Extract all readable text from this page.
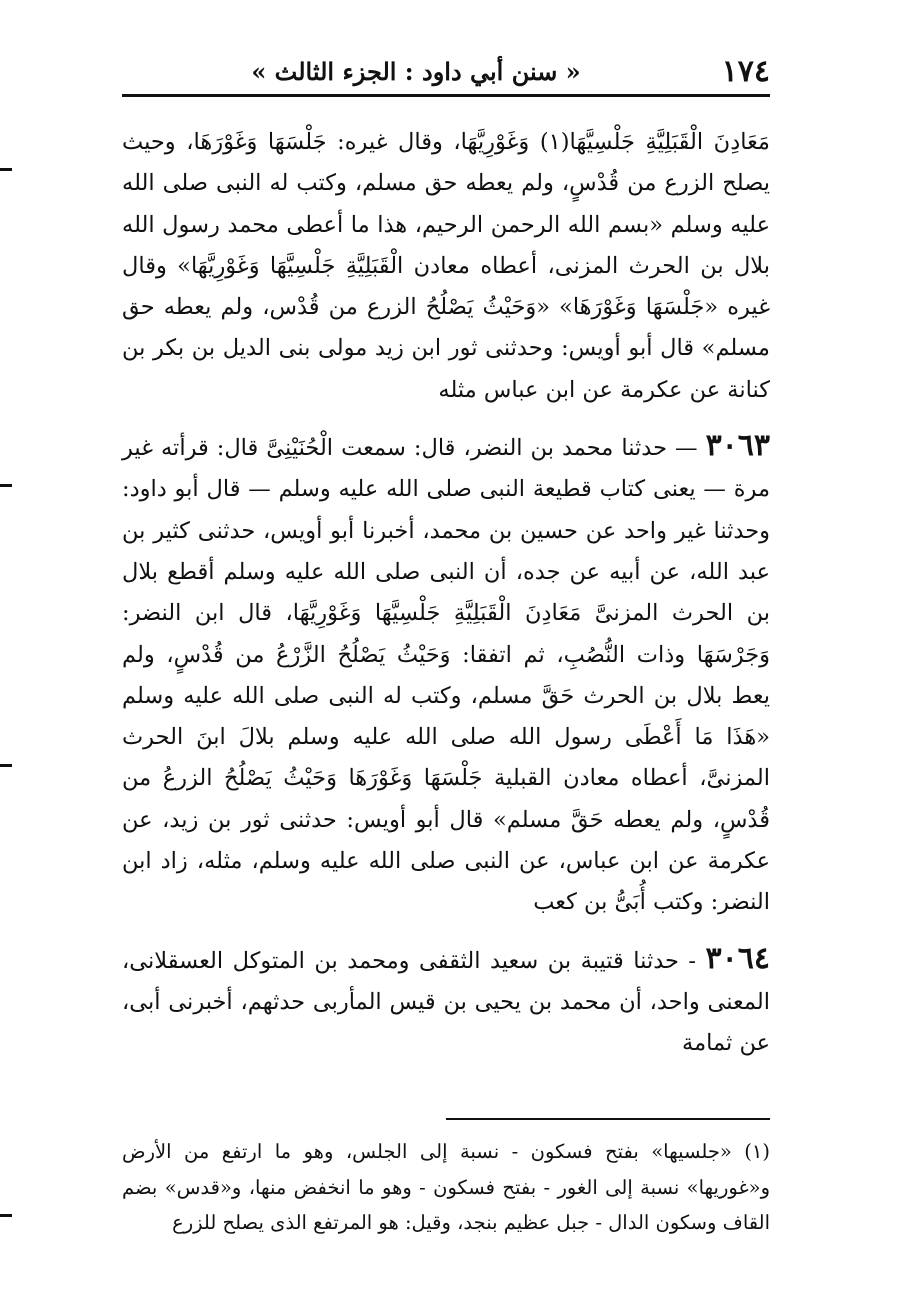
١٧٤
« سنن أبي داود : الجزء الثالث »

مَعَادِنَ الْقَبَلِيَّةِ جَلْسِيَّهَا(١) وَغَوْرِيَّهَا، وقال غيره: جَلْسَهَا وَغَوْرَهَا، وحيث يصلح الزرع من قُدْسٍ، ولم يعطه حق مسلم، وكتب له النبى صلى الله عليه وسلم «بسم الله الرحمن الرحيم، هذا ما أعطى محمد رسول الله بلال بن الحرث المزنى، أعطاه معادن الْقَبَلِيَّةِ جَلْسِيَّهَا وَغَوْرِيَّهَا» وقال غيره «جَلْسَهَا وَغَوْرَهَا» «وَحَيْثُ يَصْلُحُ الزرع من قُدْس، ولم يعطه حق مسلم» قال أبو أويس: وحدثنى ثور ابن زيد مولى بنى الديل بن بكر بن كنانة عن عكرمة عن ابن عباس مثله

٣٠٦٣ — حدثنا محمد بن النضر، قال: سمعت الْحُنَيْنِىَّ قال: قرأته غير مرة — يعنى كتاب قطيعة النبى صلى الله عليه وسلم — قال أبو داود: وحدثنا غير واحد عن حسين بن محمد، أخبرنا أبو أويس، حدثنى كثير بن عبد الله، عن أبيه عن جده، أن النبى صلى الله عليه وسلم أقطع بلال بن الحرث المزنىَّ مَعَادِنَ الْقَبَلِيَّةِ جَلْسِيَّهَا وَغَوْرِيَّهَا، قال ابن النضر: وَجَرْسَهَا وذات النُّصُبِ، ثم اتفقا: وَحَيْثُ يَصْلُحُ الزَّرْعُ من قُدْسٍ، ولم يعط بلال بن الحرث حَقَّ مسلم، وكتب له النبى صلى الله عليه وسلم «هَذَا مَا أَعْطَى رسول الله صلى الله عليه وسلم بلالَ ابنَ الحرث المزنىَّ، أعطاه معادن القبلية جَلْسَهَا وَغَوْرَهَا وَحَيْثُ يَصْلُحُ الزرعُ من قُدْسٍ، ولم يعطه حَقَّ مسلم» قال أبو أويس: حدثنى ثور بن زيد، عن عكرمة عن ابن عباس، عن النبى صلى الله عليه وسلم، مثله، زاد ابن النضر: وكتب أُبَىُّ بن كعب

٣٠٦٤ - حدثنا قتيبة بن سعيد الثقفى ومحمد بن المتوكل العسقلانى، المعنى واحد، أن محمد بن يحيى بن قيس المأربى حدثهم، أخبرنى أبى، عن ثمامة

(١) «جلسيها» بفتح فسكون - نسبة إلى الجلس، وهو ما ارتفع من الأرض و«غوريها» نسبة إلى الغور - بفتح فسكون - وهو ما انخفض منها، و«قدس» بضم القاف وسكون الدال - جبل عظيم بنجد، وقيل: هو المرتفع الذى يصلح للزرع
